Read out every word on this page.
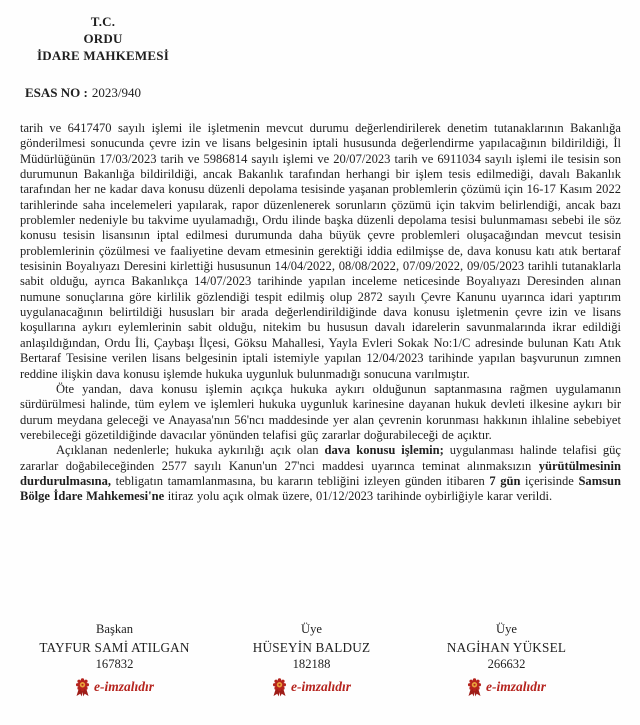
T.C.
ORDU
İDARE MAHKEMESİ
ESAS NO : 2023/940

tarih ve 6417470 sayılı işlemi ile işletmenin mevcut durumu değerlendirilerek denetim tutanaklarının Bakanlığa gönderilmesi sonucunda çevre izin ve lisans belgesinin iptali hususunda değerlendirme yapılacağının bildirildiği, İl Müdürlüğünün 17/03/2023 tarih ve 5986814 sayılı işlemi ve 20/07/2023 tarih ve 6911034 sayılı işlemi ile tesisin son durumunun Bakanlığa bildirildiği, ancak Bakanlık tarafından herhangi bir işlem tesis edilmediği, davalı Bakanlık tarafından her ne kadar dava konusu düzenli depolama tesisinde yaşanan problemlerin çözümü için 16-17 Kasım 2022 tarihlerinde saha incelemeleri yapılarak, rapor düzenlenerek sorunların çözümü için takvim belirlendiği, ancak bazı problemler nedeniyle bu takvime uyulamadığı, Ordu ilinde başka düzenli depolama tesisi bulunmaması sebebi ile söz konusu tesisin lisansının iptal edilmesi durumunda daha büyük çevre problemleri oluşacağından mevcut tesisin problemlerinin çözülmesi ve faaliyetine devam etmesinin gerektiği iddia edilmişse de, dava konusu katı atık bertaraf tesisinin Boyalıyazı Deresini kirlettiği hususunun 14/04/2022, 08/08/2022, 07/09/2022, 09/05/2023 tarihli tutanaklarla sabit olduğu, ayrıca Bakanlıkça 14/07/2023 tarihinde yapılan inceleme neticesinde Boyalıyazı Deresinden alınan numune sonuçlarına göre kirlilik gözlendiği tespit edilmiş olup 2872 sayılı Çevre Kanunu uyarınca idari yaptırım uygulanacağının belirtildiği hususları bir arada değerlendirildiğinde dava konusu işletmenin çevre izin ve lisans koşullarına aykırı eylemlerinin sabit olduğu, nitekim bu hususun davalı idarelerin savunmalarında ikrar edildiği anlaşıldığından, Ordu İli, Çaybaşı İlçesi, Göksu Mahallesi, Yayla Evleri Sokak No:1/C adresinde bulunan Katı Atık Bertaraf Tesisine verilen lisans belgesinin iptali istemiyle yapılan 12/04/2023 tarihinde yapılan başvurunun zımnen reddine ilişkin dava konusu işlemde hukuka uygunluk bulunmadığı sonucuna varılmıştır.

Öte yandan, dava konusu işlemin açıkça hukuka aykırı olduğunun saptanmasına rağmen uygulamanın sürdürülmesi halinde, tüm eylem ve işlemleri hukuka uygunluk karinesine dayanan hukuk devleti ilkesine aykırı bir durum meydana geleceği ve Anayasa'nın 56'ncı maddesinde yer alan çevrenin korunması hakkının ihlaline sebebiyet verebileceği gözetildiğinde davacılar yönünden telafisi güç zararlar doğurabileceği de açıktır.

Açıklanan nedenlerle; hukuka aykırılığı açık olan dava konusu işlemin; uygulanması halinde telafisi güç zararlar doğabileceğinden 2577 sayılı Kanun'un 27'nci maddesi uyarınca teminat alınmaksızın yürütülmesinin durdurulmasına, tebligatın tamamlanmasına, bu kararın tebliğini izleyen günden itibaren 7 gün içerisinde Samsun Bölge İdare Mahkemesi'ne itiraz yolu açık olmak üzere, 01/12/2023 tarihinde oybirliğiyle karar verildi.

Başkan
TAYFUR SAMİ ATILGAN
167832
e-imzalıdır
Üye
HÜSEYİN BALDUZ
182188
e-imzalıdır
Üye
NAGİHAN YÜKSEL
266632
e-imzalıdır
